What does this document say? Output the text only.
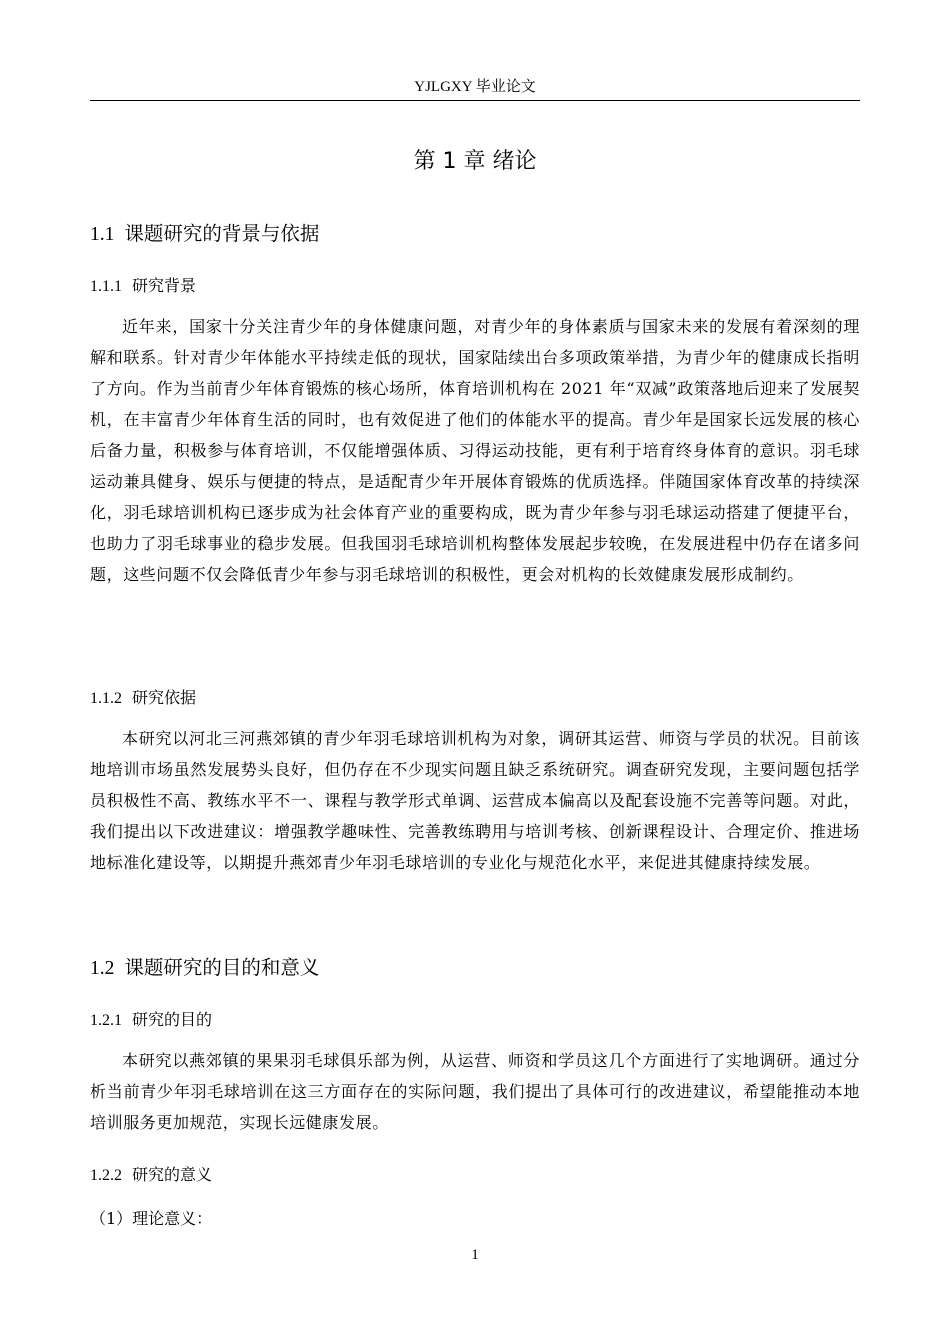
YJLGXY 毕业论文
第 1 章 绪论
1.1 课题研究的背景与依据
1.1.1 研究背景
近年来，国家十分关注青少年的身体健康问题，对青少年的身体素质与国家未来的发展有着深刻的理解和联系。针对青少年体能水平持续走低的现状，国家陆续出台多项政策举措，为青少年的健康成长指明了方向。作为当前青少年体育锻炼的核心场所，体育培训机构在 2021 年“双减”政策落地后迎来了发展契机，在丰富青少年体育生活的同时，也有效促进了他们的体能水平的提高。青少年是国家长远发展的核心后备力量，积极参与体育培训，不仅能增强体质、习得运动技能，更有利于培育终身体育的意识。羽毛球运动兼具健身、娱乐与便捷的特点，是适配青少年开展体育锻炼的优质选择。伴随国家体育改革的持续深化，羽毛球培训机构已逐步成为社会体育产业的重要构成，既为青少年参与羽毛球运动搭建了便捷平台，也助力了羽毛球事业的稳步发展。但我国羽毛球培训机构整体发展起步较晚，在发展进程中仍存在诸多问题，这些问题不仅会降低青少年参与羽毛球培训的积极性，更会对机构的长效健康发展形成制约。
1.1.2 研究依据
本研究以河北三河燕郊镇的青少年羽毛球培训机构为对象，调研其运营、师资与学员的状况。目前该地培训市场虽然发展势头良好，但仍存在不少现实问题且缺乏系统研究。调查研究发现，主要问题包括学员积极性不高、教练水平不一、课程与教学形式单调、运营成本偏高以及配套设施不完善等问题。对此，我们提出以下改进建议：增强教学趣味性、完善教练聘用与培训考核、创新课程设计、合理定价、推进场地标准化建设等，以期提升燕郊青少年羽毛球培训的专业化与规范化水平，来促进其健康持续发展。
1.2 课题研究的目的和意义
1.2.1 研究的目的
本研究以燕郊镇的果果羽毛球俱乐部为例，从运营、师资和学员这几个方面进行了实地调研。通过分析当前青少年羽毛球培训在这三方面存在的实际问题，我们提出了具体可行的改进建议，希望能推动本地培训服务更加规范，实现长远健康发展。
1.2.2 研究的意义
（1）理论意义：
1
